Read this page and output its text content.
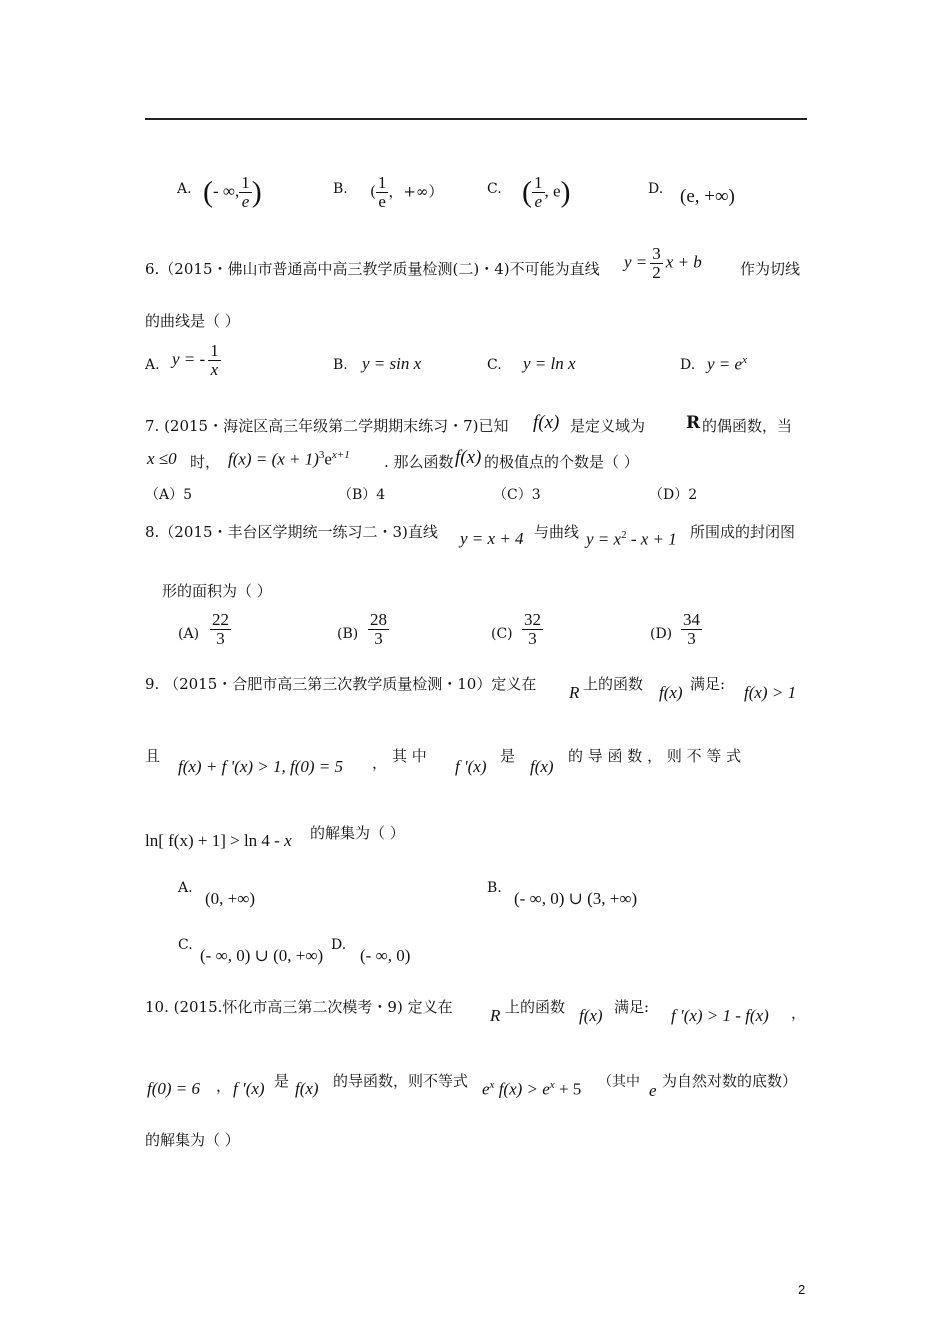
A. (- ∞, $\frac{1}{e}$ )	B. ( $\frac{1}{e}$ ，+∞）	C. ( $\frac{1}{e}$ , e)	D. (e, +∞)
6.（2015・佛山市普通高中高三教学质量检测(二)・4)不可能为直线 $y = \frac{3}{2}$ x + b	作为切线
的曲线是（ ）
A. y = - $\frac{1}{x}$	B. y = sin x	C. y = ln x	D. $y = e^x$
7. (2015・海淀区高三年级第二学期期末练习・7)已知 f(x) 是定义域为 R 的偶函数，当
x ≤0 时， $f(x) = (x + 1)^3e^{x+1}$ . 那么函数 f(x) 的极值点的个数是（ ）
（A）5	（B）4	（C）3	（D）2
8.（2015・丰台区学期统一练习二・3)直线 y = x + 4 与曲线 $y = x^2 - x + 1$ 所围成的封闭图
形的面积为（ ）
$(A) \frac{22}{3}$	$(B) \frac{28}{3}$	$(C) \frac{32}{3}$	$(D) \frac{34}{3}$
9. （2015・合肥市高三第三次教学质量检测・10）定义在 R 上的函数 f(x) 满足: f(x) > 1
且
f(x) + f '(x) > 1, f(0) = 5 ， 其 中
f '(x)
是
f(x)
的 导 函 数 ， 则 不 等 式
ln[ f(x) + 1] > ln 4 - x 的解集为（ ）
A.
(0, +∞)
B.
(- ∞, 0) ∪ (3, +∞)
C.
(- ∞, 0) ∪ (0, +∞)
D.
(- ∞, 0)
10. (2015.怀化市高三第二次模考・9) 定义在 R 上的函数 f(x) 满足: f ′(x) > 1 - f(x) ，
f(0) = 6 ， f ′(x) 是 f(x) 的导函数，则不等式 $e^x$ $f(x) > e^x + 5$ （其中 e 为自然对数的底数）
的解集为（ ）
2
